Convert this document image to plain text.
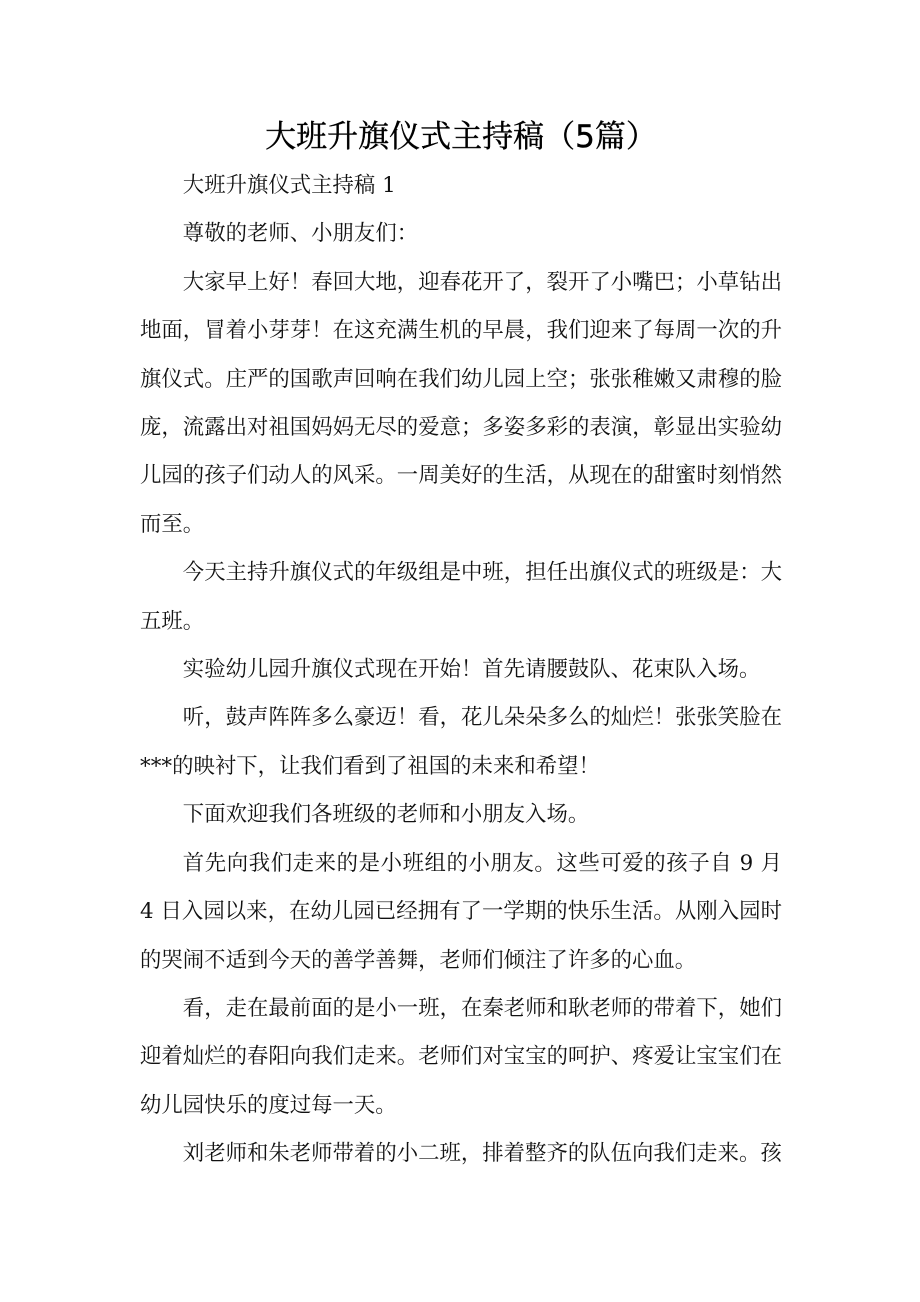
大班升旗仪式主持稿（5篇）

大班升旗仪式主持稿 1

尊敬的老师、小朋友们：

大家早上好！春回大地，迎春花开了，裂开了小嘴巴；小草钻出地面，冒着小芽芽！在这充满生机的早晨，我们迎来了每周一次的升旗仪式。庄严的国歌声回响在我们幼儿园上空；张张稚嫩又肃穆的脸庞，流露出对祖国妈妈无尽的爱意；多姿多彩的表演，彰显出实验幼儿园的孩子们动人的风采。一周美好的生活，从现在的甜蜜时刻悄然而至。

今天主持升旗仪式的年级组是中班，担任出旗仪式的班级是：大五班。

实验幼儿园升旗仪式现在开始！首先请腰鼓队、花束队入场。

听，鼓声阵阵多么豪迈！看，花儿朵朵多么的灿烂！张张笑脸在***的映衬下，让我们看到了祖国的未来和希望！

下面欢迎我们各班级的老师和小朋友入场。

首先向我们走来的是小班组的小朋友。这些可爱的孩子自 9 月 4 日入园以来，在幼儿园已经拥有了一学期的快乐生活。从刚入园时的哭闹不适到今天的善学善舞，老师们倾注了许多的心血。

看，走在最前面的是小一班，在秦老师和耿老师的带着下，她们迎着灿烂的春阳向我们走来。老师们对宝宝的呵护、疼爱让宝宝们在幼儿园快乐的度过每一天。

刘老师和朱老师带着的小二班，排着整齐的队伍向我们走来。孩
